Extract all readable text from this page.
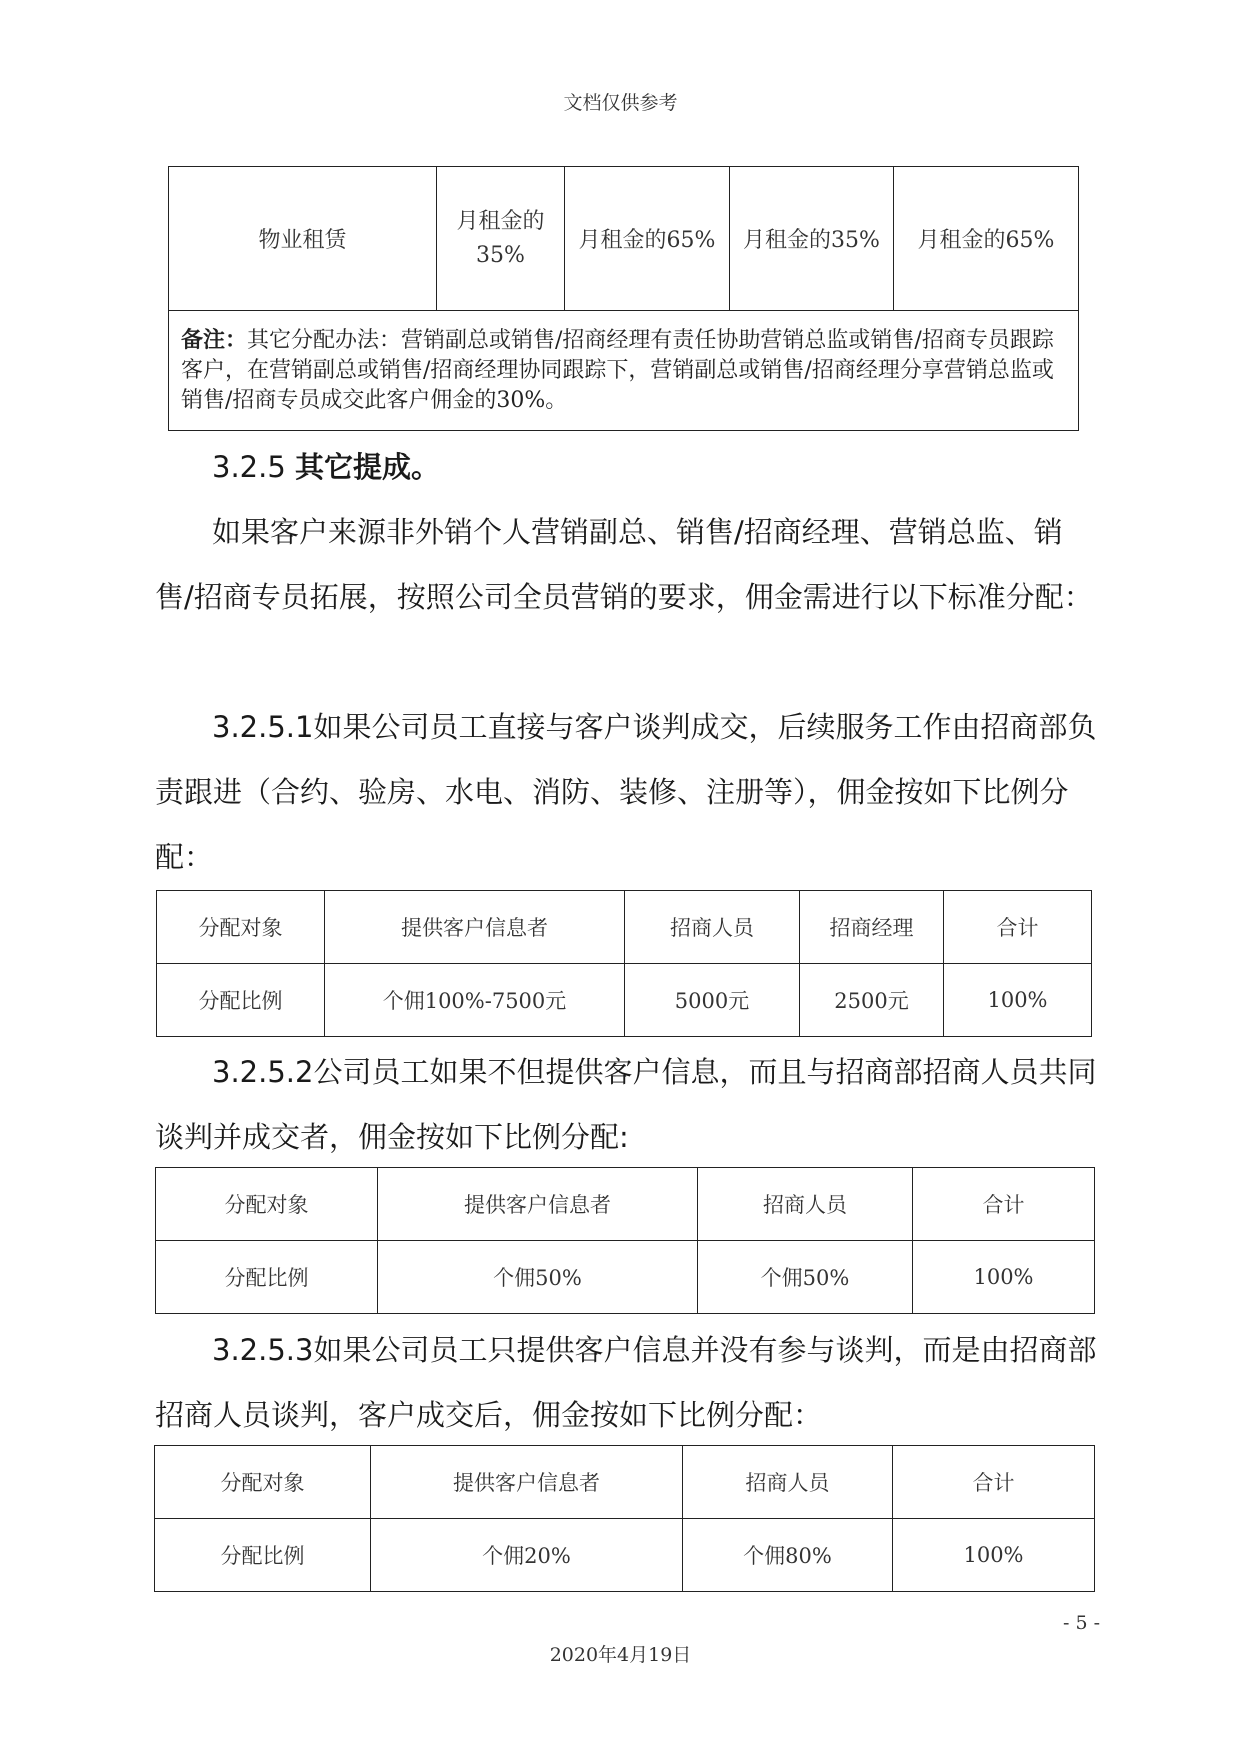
文档仅供参考
物业租赁	月租金的35%	月租金的65%	月租金的35%	月租金的65%
备注：其它分配办法：营销副总或销售/招商经理有责任协助营销总监或销售/招商专员跟踪客户，在营销副总或销售/招商经理协同跟踪下，营销副总或销售/招商经理分享营销总监或销售/招商专员成交此客户佣金的30%。
3.2.5 其它提成。
如果客户来源非外销个人营销副总、销售/招商经理、营销总监、销售/招商专员拓展，按照公司全员营销的要求，佣金需进行以下标准分配：
3.2.5.1如果公司员工直接与客户谈判成交，后续服务工作由招商部负责跟进（合约、验房、水电、消防、装修、注册等），佣金按如下比例分配：
分配对象	提供客户信息者	招商人员	招商经理	合计
分配比例	个佣100%-7500元	5000元	2500元	100%
3.2.5.2公司员工如果不但提供客户信息，而且与招商部招商人员共同谈判并成交者，佣金按如下比例分配:
分配对象	提供客户信息者	招商人员	合计
分配比例	个佣50%	个佣50%	100%
3.2.5.3如果公司员工只提供客户信息并没有参与谈判，而是由招商部招商人员谈判，客户成交后，佣金按如下比例分配：
分配对象	提供客户信息者	招商人员	合计
分配比例	个佣20%	个佣80%	100%
- 5 -
2020年4月19日
